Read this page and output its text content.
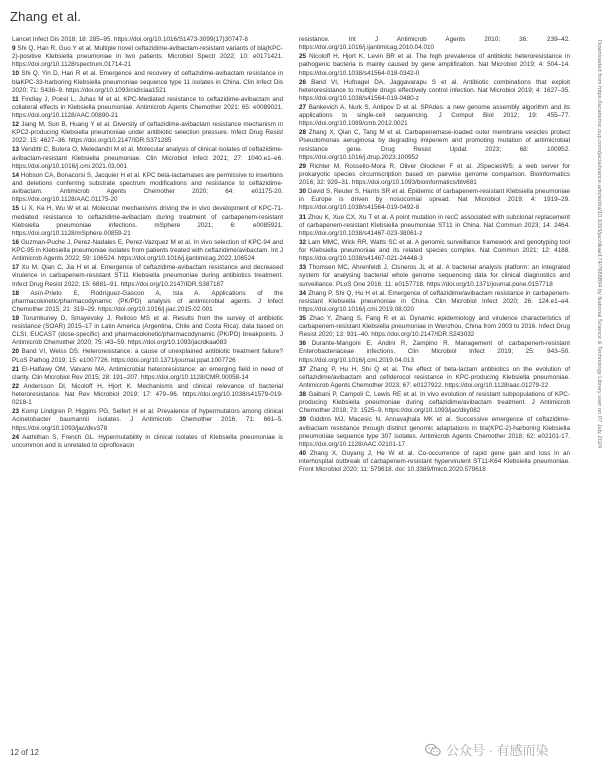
Zhang et al.

Lancet Infect Dis 2018; 18: 285–95. https://doi.org/10.1016/S1473-3099(17)30747-8

9 Shi Q, Han R, Guo Y et al. Multiple novel ceftazidime-avibactam-resistant variants of bla(KPC-2)-positive Klebsiella pneumoniae in two patients. Microbiol Spectr 2022; 10: e0171421. https://doi.org/10.1128/spectrum.01714-21

10 Shi Q, Yin D, Han R et al. Emergence and recovery of ceftazidime-avibactam resistance in blaKPC-33-harboring Klebsiella pneumoniae sequence type 11 isolates in China. Clin Infect Dis 2020; 71: S436–9. https://doi.org/10.1093/cid/ciaa1521

11 Findlay J, Poirel L, Juhas M et al. KPC-Mediated resistance to ceftazidime-avibactam and collateral effects in Klebsiella pneumoniae. Antimicrob Agents Chemother 2021; 65: e0089021. https://doi.org/10.1128/AAC.00890-21

12 Jiang M, Sun B, Huang Y et al. Diversity of ceftazidime-avibactam resistance mechanism in KPC2-producing Klebsiella pneumoniae under antibiotic selection pressure. Infect Drug Resist 2022; 15: 4627–36. https://doi.org/10.2147/IDR.S371285

13 Venditti C, Butera O, Meledandri M et al. Molecular analysis of clinical isolates of ceftazidime-avibactam-resistant Klebsiella pneumoniae. Clin Microbiol Infect 2021; 27: 1040.e1–e6. https://doi.org/10.1016/j.cmi.2021.03.001

14 Hobson CA, Bonacorsi S, Jacquier H et al. KPC beta-lactamases are permissive to insertions and deletions conferring substrate spectrum modifications and resistance to ceftazidime-avibactam. Antimicrob Agents Chemother 2020; 64: e01175-20. https://doi.org/10.1128/AAC.01175-20

15 Li X, Ke H, Wu W et al. Molecular mechanisms driving the in vivo development of KPC-71-mediated resistance to ceftazidime-avibactam during treatment of carbapenem-resistant Klebsiella pneumoniae infections. mSphere 2021; 6: e0085921. https://doi.org/10.1128/mSphere.00859-21

16 Guzman-Puche J, Perez-Nadales E, Perez-Vazquez M et al. In vivo selection of KPC-94 and KPC-95 in Klebsiella pneumoniae isolates from patients treated with ceftazidime/avibactam. Int J Antimicrob Agents 2022; 59: 106524. https://doi.org/10.1016/j.ijantimicag.2022.106524

17 Xu M, Qian C, Jia H et al. Emergence of ceftazidime-avibactam resistance and decreased virulence in carbapenem-resistant ST11 Klebsiella pneumoniae during antibiotics treatment. Infect Drug Resist 2022; 15: 6881–91. https://doi.org/10.2147/IDR.S387187

18 Asín-Prieto E, Rodríguez-Gascon A, Isla A. Applications of the pharmacokinetic/pharmacodynamic (PK/PD) analysis of antimicrobial agents. J Infect Chemother 2015; 21: 319–29. https://doi.org/10.1016/j.jiac.2015.02.001

19 Torumkuney D, Smayevsky J, Relloso MS et al. Results from the survey of antibiotic resistance (SOAR) 2015–17 in Latin America (Argentina, Chile and Costa Rica): data based on CLSI, EUCAST (dose-specific) and pharmacokinetic/pharmacodynamic (PK/PD) breakpoints. J Antimicrob Chemother 2020; 75: i43–59. https://doi.org/10.1093/jac/dkaa083

20 Band VI, Weiss DS. Heteroresistance: a cause of unexplained antibiotic treatment failure? PLoS Pathog 2019; 15: e1007726. https://doi.org/10.1371/journal.ppat.1007726

21 El-Halfawy OM, Valvano MA. Antimicrobial heteroresistance: an emerging field in need of clarity. Clin Microbiol Rev 2015; 28: 191–207. https://doi.org/10.1128/CMR.00058-14

22 Andersson DI, Nicoloff H, Hjort K. Mechanisms and clinical relevance of bacterial heteroresistance. Nat Rev Microbiol 2019; 17: 479–96. https://doi.org/10.1038/s41579-019-0218-1

23 Komp Lindgren P, Higgins PG, Seifert H et al. Prevalence of hypermutators among clinical Acinetobacter baumannii isolates. J Antimicrob Chemother 2016; 71: 661–5. https://doi.org/10.1093/jac/dkv378

24 Aathithan S, French GL. Hypermutability in clinical isolates of Klebsiella pneumoniae is uncommon and is unrelated to ciprofloxacin

resistance. Int J Antimicrob Agents 2010; 36: 239–42. https://doi.org/10.1016/j.ijantimicag.2010.04.010

25 Nicoloff H, Hjort K, Levin BR et al. The high prevalence of antibiotic heteroresistance in pathogenic bacteria is mainly caused by gene amplification. Nat Microbiol 2019; 4: 504–14. https://doi.org/10.1038/s41564-018-0342-0

26 Band VI, Hufnagel DA, Jaggavarapu S et al. Antibiotic combinations that exploit heteroresistance to multiple drugs effectively control infection. Nat Microbiol 2019; 4: 1627–35. https://doi.org/10.1038/s41564-019-0480-z

27 Bankevich A, Nurk S, Antipov D et al. SPAdes: a new genome assembly algorithm and its applications to single-cell sequencing. J Comput Biol 2012; 19: 455–77. https://doi.org/10.1089/cmb.2012.0021

28 Zhang X, Qian C, Tang M et al. Carbapenemase-loaded outer membrane vesicles protect Pseudomonas aeruginosa by degrading imipenem and promoting mutation of antimicrobial resistance gene. Drug Resist Updat 2023; 68: 100952. https://doi.org/10.1016/j.drup.2023.100952

29 Richter M, Rossello-Mora R, Oliver Glockner F et al. JSpeciesWS: a web server for prokaryotic species circumscription based on pairwise genome comparison. Bioinformatics 2016; 32: 929–31. https://doi.org/10.1093/bioinformatics/btv681

30 David S, Reuter S, Harris SR et al. Epidemic of carbapenem-resistant Klebsiella pneumoniae in Europe is driven by nosocomial spread. Nat Microbiol 2019; 4: 1919–29. https://doi.org/10.1038/s41564-019-0492-8

31 Zhou K, Xue CX, Xu T et al. A point mutation in recC associated with subclonal replacement of carbapenem-resistant Klebsiella pneumoniae ST11 in China. Nat Commun 2023; 14: 2464. https://doi.org/10.1038/s41467-023-38061-z

32 Lam MMC, Wick RR, Watts SC et al. A genomic surveillance framework and genotyping tool for Klebsiella pneumoniae and its related species complex. Nat Commun 2021; 12: 4188. https://doi.org/10.1038/s41467-021-24448-3

33 Thomsen MC, Ahrenfeldt J, Cisneros JL et al. A bacterial analysis platform: an integrated system for analysing bacterial whole genome sequencing data for clinical diagnostics and surveillance. PLoS One 2016; 11: e0157718. https://doi.org/10.1371/journal.pone.0157718

34 Zhang P, Shi Q, Hu H et al. Emergence of ceftazidime/avibactam resistance in carbapenem-resistant Klebsiella pneumoniae in China. Clin Microbiol Infect 2020; 26: 124.e1–e4. https://doi.org/10.1016/j.cmi.2019.08.020

35 Zhao Y, Zhang S, Fang R et al. Dynamic epidemiology and virulence characteristics of carbapenem-resistant Klebsiella pneumoniae in Wenzhou, China from 2003 to 2016. Infect Drug Resist 2020; 13: 931–40. https://doi.org/10.2147/IDR.S243032

36 Durante-Mangoni E, Andini R, Zampino R. Management of carbapenem-resistant Enterobacteriaceae infections. Clin Microbiol Infect 2019; 25: 943–50. https://doi.org/10.1016/j.cmi.2019.04.013

37 Zhang P, Hu H, Shi Q et al. The effect of beta-lactam antibiotics on the evolution of ceftazidime/avibactam and cefiderocol resistance in KPC-producing Klebsiella pneumoniae. Antimicrob Agents Chemother 2023; 67: e0127922. https://doi.org/10.1128/aac.01279-22

38 Gaibani P, Campoli C, Lewis RE et al. In vivo evolution of resistant subpopulations of KPC-producing Klebsiella pneumoniae during ceftazidime/avibactam treatment. J Antimicrob Chemother 2018; 73: 1525–9. https://doi.org/10.1093/jac/dky082

39 Giddins MJ, Macesic N, Annavajhala MK et al. Successive emergence of ceftazidime-avibactam resistance through distinct genomic adaptations in bla(KPC-2)-harboring Klebsiella pneumoniae sequence type 307 isolates. Antimicrob Agents Chemother 2018; 62: e02101-17. https://doi.org/10.1128/AAC.02101-17

40 Zhang X, Ouyang J, He W et al. Co-occurrence of rapid gene gain and loss in an interhospital outbreak of carbapenem-resistant hypervirulent ST11-K64 Klebsiella pneumoniae. Front Microbiol 2020; 11: 579618. doi: 10.3389/fmicb.2020.579618

Downloaded from https://academic.oup.com/jac/advance-article/doi/10.1093/jac/dkae174/7688894 by National Science & Technology Library user on 07 July 2024
12 of 12	公众号 · 有感而染
